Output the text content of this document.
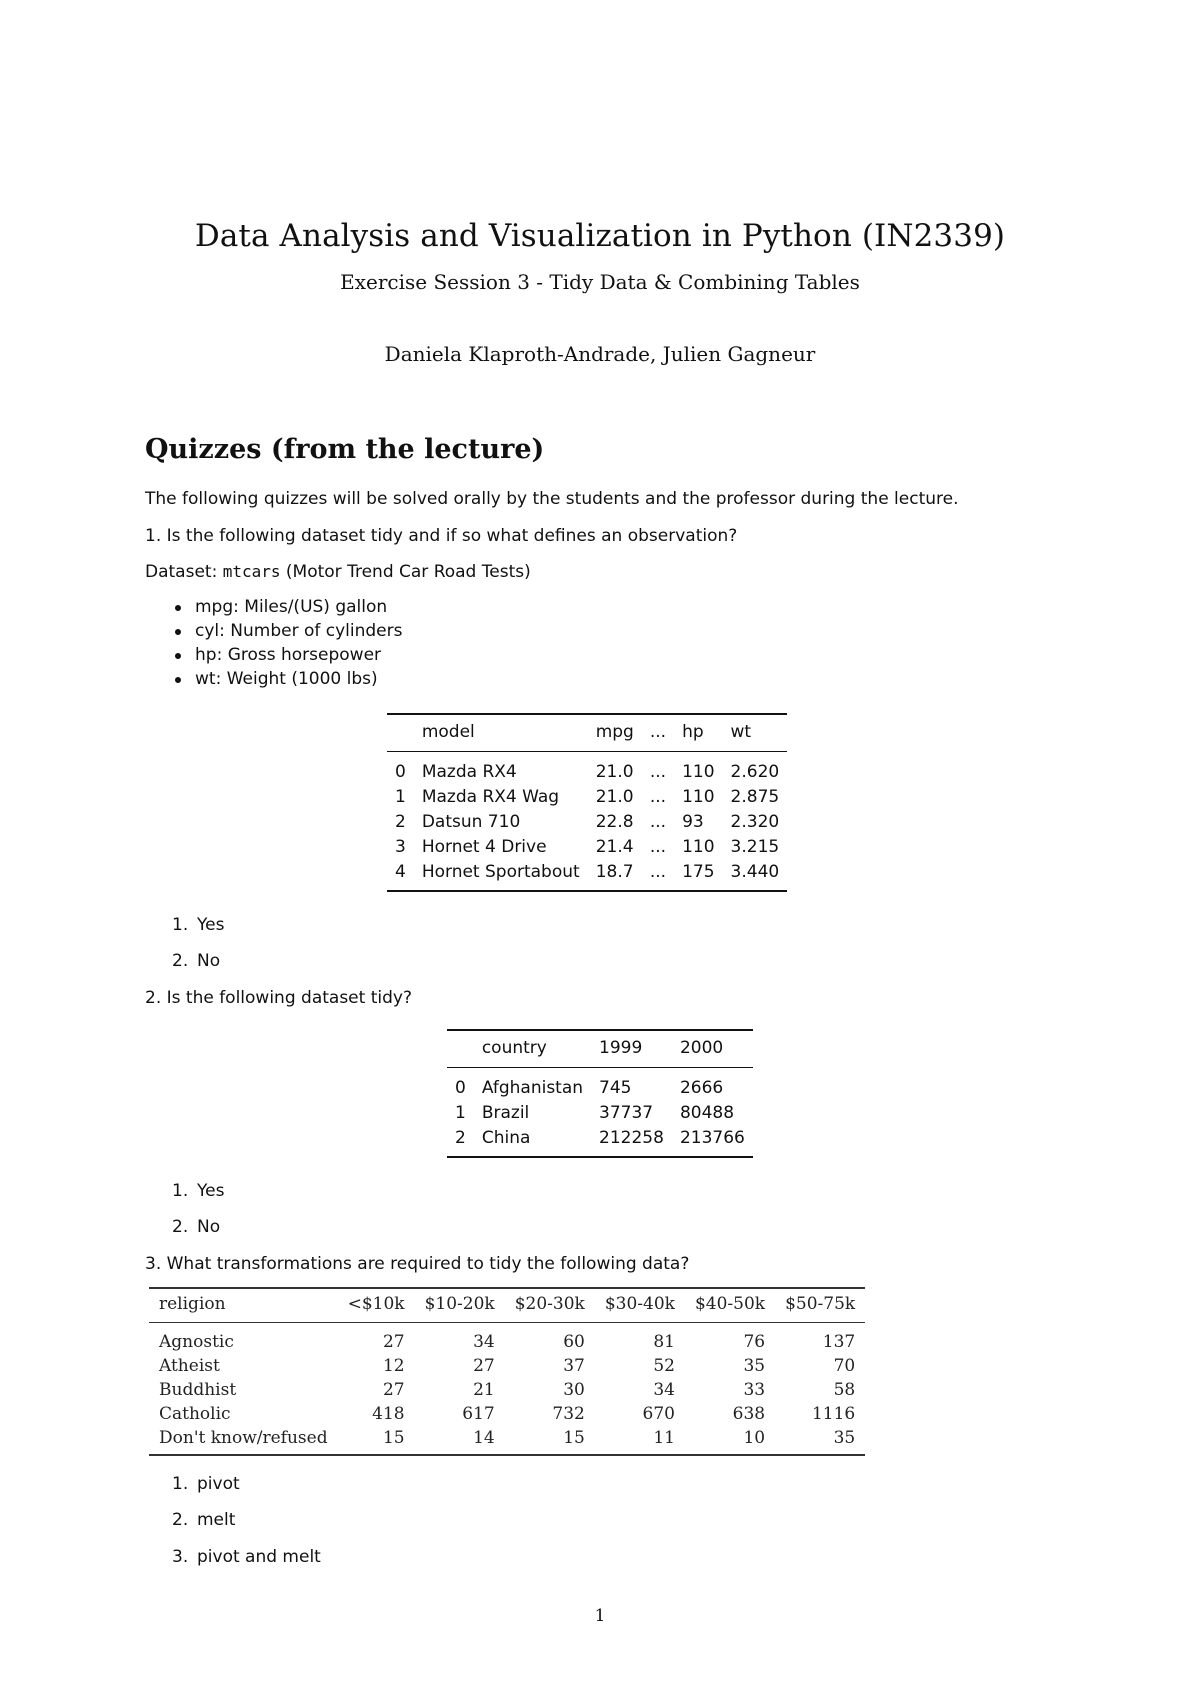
Data Analysis and Visualization in Python (IN2339)
Exercise Session 3 - Tidy Data & Combining Tables
Daniela Klaproth-Andrade, Julien Gagneur
Quizzes (from the lecture)
The following quizzes will be solved orally by the students and the professor during the lecture.
1. Is the following dataset tidy and if so what defines an observation?
Dataset: mtcars (Motor Trend Car Road Tests)
mpg: Miles/(US) gallon
cyl: Number of cylinders
hp: Gross horsepower
wt: Weight (1000 lbs)
	model	mpg	...	hp	wt
0	Mazda RX4	21.0	...	110	2.620
1	Mazda RX4 Wag	21.0	...	110	2.875
2	Datsun 710	22.8	...	93	2.320
3	Hornet 4 Drive	21.4	...	110	3.215
4	Hornet Sportabout	18.7	...	175	3.440
1. Yes
2. No
2. Is the following dataset tidy?
	country	1999	2000
0	Afghanistan	745	2666
1	Brazil	37737	80488
2	China	212258	213766
1. Yes
2. No
3. What transformations are required to tidy the following data?
religion	<$10k	$10-20k	$20-30k	$30-40k	$40-50k	$50-75k
Agnostic	27	34	60	81	76	137
Atheist	12	27	37	52	35	70
Buddhist	27	21	30	34	33	58
Catholic	418	617	732	670	638	1116
Don't know/refused	15	14	15	11	10	35
1. pivot
2. melt
3. pivot and melt
1
